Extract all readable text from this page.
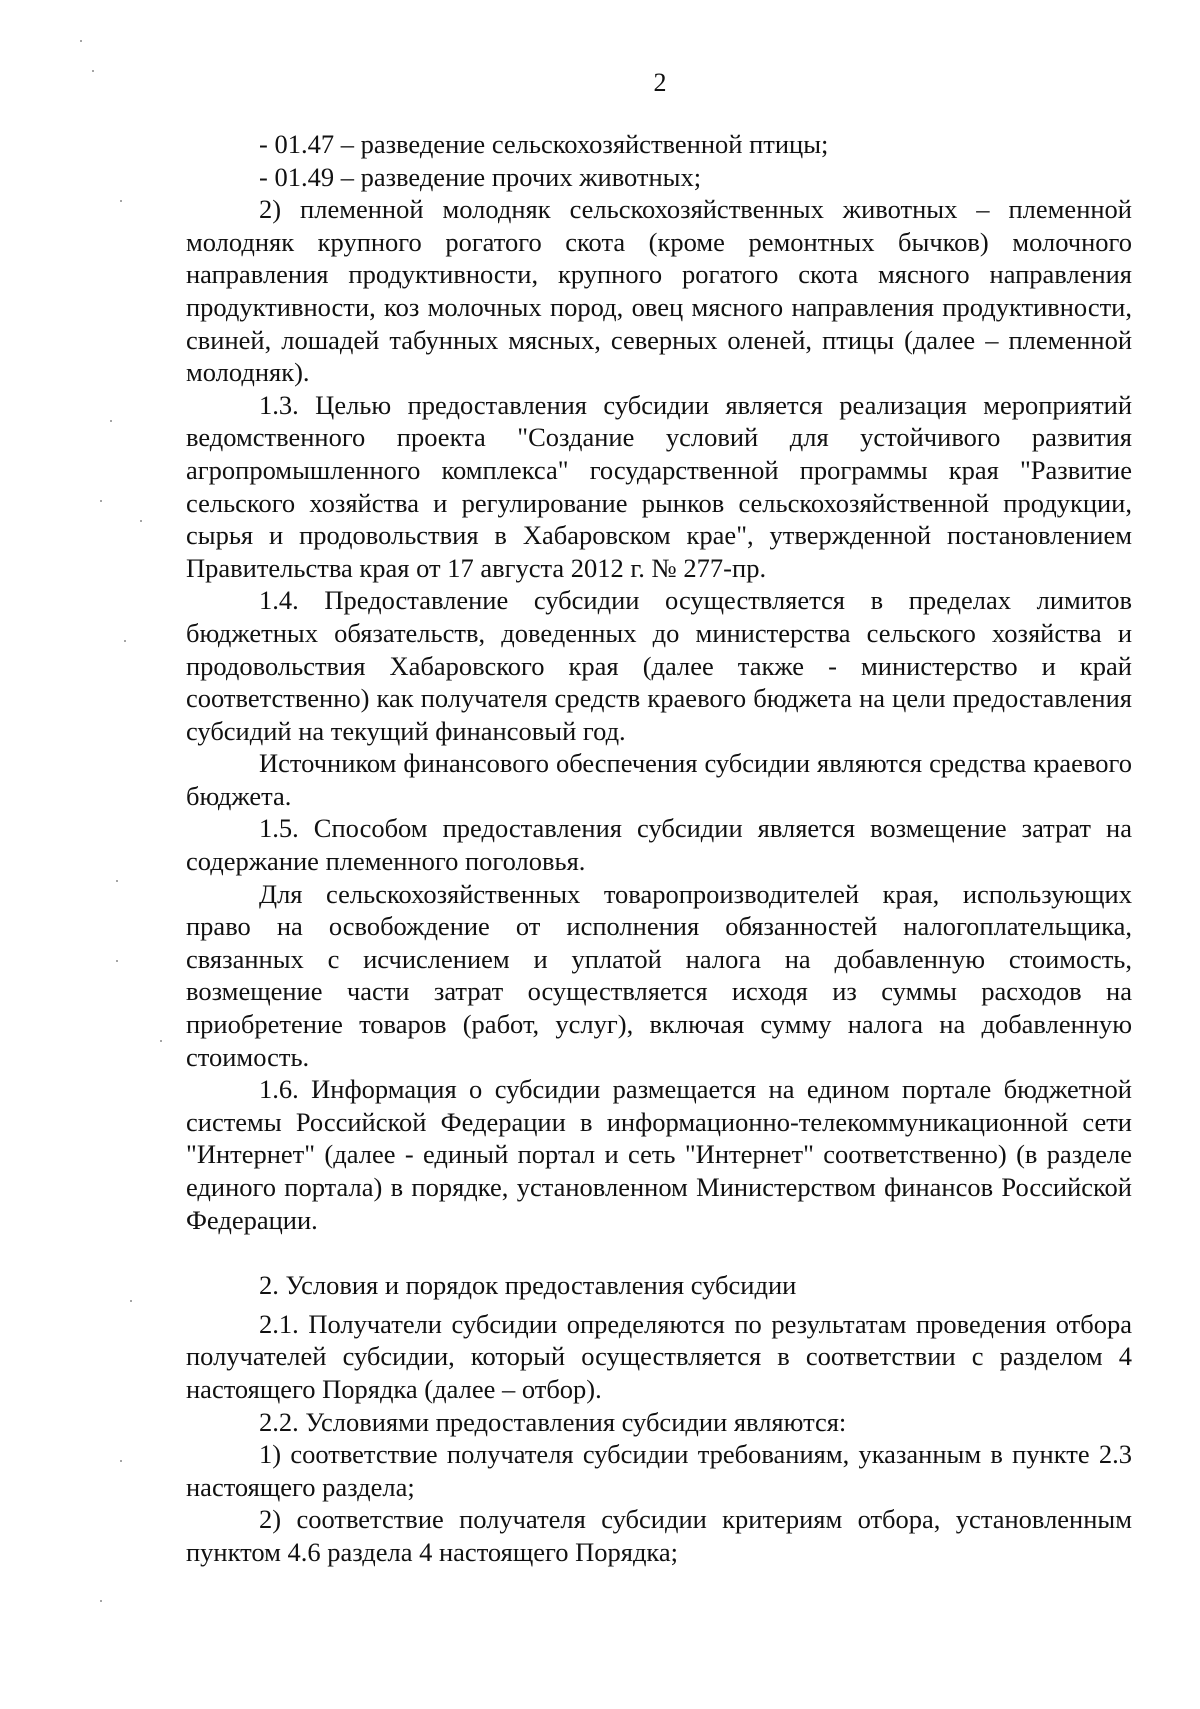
2

- 01.47 – разведение сельскохозяйственной птицы;

- 01.49 – разведение прочих животных;

2) племенной молодняк сельскохозяйственных животных – племенной молодняк крупного рогатого скота (кроме ремонтных бычков) молочного направления продуктивности, крупного рогатого скота мясного направления продуктивности, коз молочных пород, овец мясного направления продуктивности, свиней, лошадей табунных мясных, северных оленей, птицы (далее – племенной молодняк).

1.3. Целью предоставления субсидии является реализация мероприятий ведомственного проекта "Создание условий для устойчивого развития агропромышленного комплекса" государственной программы края "Развитие сельского хозяйства и регулирование рынков сельскохозяйственной продукции, сырья и продовольствия в Хабаровском крае", утвержденной постановлением Правительства края от 17 августа 2012 г. № 277-пр.

1.4. Предоставление субсидии осуществляется в пределах лимитов бюджетных обязательств, доведенных до министерства сельского хозяйства и продовольствия Хабаровского края (далее также - министерство и край соответственно) как получателя средств краевого бюджета на цели предоставления субсидий на текущий финансовый год.

Источником финансового обеспечения субсидии являются средства краевого бюджета.

1.5. Способом предоставления субсидии является возмещение затрат на содержание племенного поголовья.

Для сельскохозяйственных товаропроизводителей края, использующих право на освобождение от исполнения обязанностей налогоплательщика, связанных с исчислением и уплатой налога на добавленную стоимость, возмещение части затрат осуществляется исходя из суммы расходов на приобретение товаров (работ, услуг), включая сумму налога на добавленную стоимость.

1.6. Информация о субсидии размещается на едином портале бюджетной системы Российской Федерации в информационно-телекоммуникационной сети "Интернет" (далее - единый портал и сеть "Интернет" соответственно) (в разделе единого портала) в порядке, установленном Министерством финансов Российской Федерации.

2. Условия и порядок предоставления субсидии

2.1. Получатели субсидии определяются по результатам проведения отбора получателей субсидии, который осуществляется в соответствии с разделом 4 настоящего Порядка (далее – отбор).

2.2. Условиями предоставления субсидии являются:

1) соответствие получателя субсидии требованиям, указанным в пункте 2.3 настоящего раздела;

2) соответствие получателя субсидии критериям отбора, установленным пунктом 4.6 раздела 4 настоящего Порядка;
